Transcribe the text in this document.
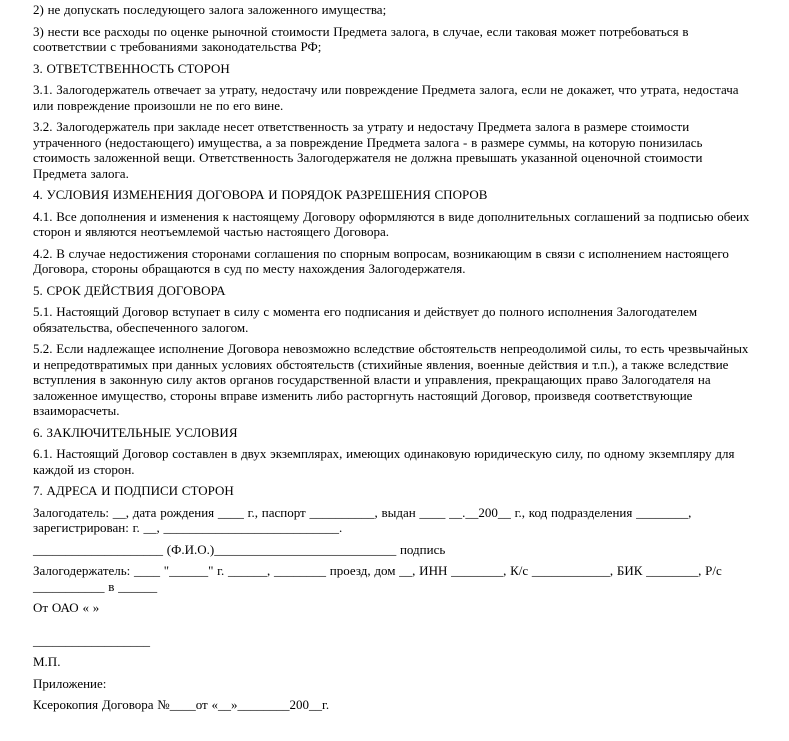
2) не допускать последующего залога заложенного имущества;

3) нести все расходы по оценке рыночной стоимости Предмета залога, в случае, если таковая может потребоваться в соответствии с требованиями законодательства РФ;

3. ОТВЕТСТВЕННОСТЬ СТОРОН

3.1. Залогодержатель отвечает за утрату, недостачу или повреждение Предмета залога, если не докажет, что утрата, недостача или повреждение произошли не по его вине.

3.2. Залогодержатель при закладе несет ответственность за утрату и недостачу Предмета залога в размере стоимости утраченного (недостающего) имущества, а за повреждение Предмета залога - в размере суммы, на которую понизилась стоимость заложенной вещи. Ответственность Залогодержателя не должна превышать указанной оценочной стоимости Предмета залога.

4. УСЛОВИЯ ИЗМЕНЕНИЯ ДОГОВОРА И ПОРЯДОК РАЗРЕШЕНИЯ СПОРОВ

4.1. Все дополнения и изменения к настоящему Договору оформляются в виде дополнительных соглашений за подписью обеих сторон и являются неотъемлемой частью настоящего Договора.

4.2. В случае недостижения сторонами соглашения по спорным вопросам, возникающим в связи с исполнением настоящего Договора, стороны обращаются в суд по месту нахождения Залогодержателя.

5. СРОК ДЕЙСТВИЯ ДОГОВОРА

5.1. Настоящий Договор вступает в силу с момента его подписания и действует до полного исполнения Залогодателем обязательства, обеспеченного залогом.

5.2. Если надлежащее исполнение Договора невозможно вследствие обстоятельств непреодолимой силы, то есть чрезвычайных и непредотвратимых при данных условиях обстоятельств (стихийные явления, военные действия и т.п.), а также вследствие вступления в законную силу актов органов государственной власти и управления, прекращающих право Залогодателя на заложенное имущество, стороны вправе изменить либо расторгнуть настоящий Договор, произведя соответствующие взаиморасчеты.

6. ЗАКЛЮЧИТЕЛЬНЫЕ УСЛОВИЯ

6.1. Настоящий Договор составлен в двух экземплярах, имеющих одинаковую юридическую силу, по одному экземпляру для каждой из сторон.

7. АДРЕСА И ПОДПИСИ СТОРОН

Залогодатель: __, дата рождения ____ г., паспорт __________, выдан ____ __.__200__ г., код подразделения ________, зарегистрирован: г. __, ___________________________.

____________________ (Ф.И.О.)____________________________ подпись

Залогодержатель: ____ "______" г. ______, ________ проезд, дом __, ИНН ________, К/с ____________, БИК ________, Р/с ___________ в ______

От ОАО « »

__________________

М.П.

Приложение:

Ксерокопия Договора №____от «__»________200__г.
